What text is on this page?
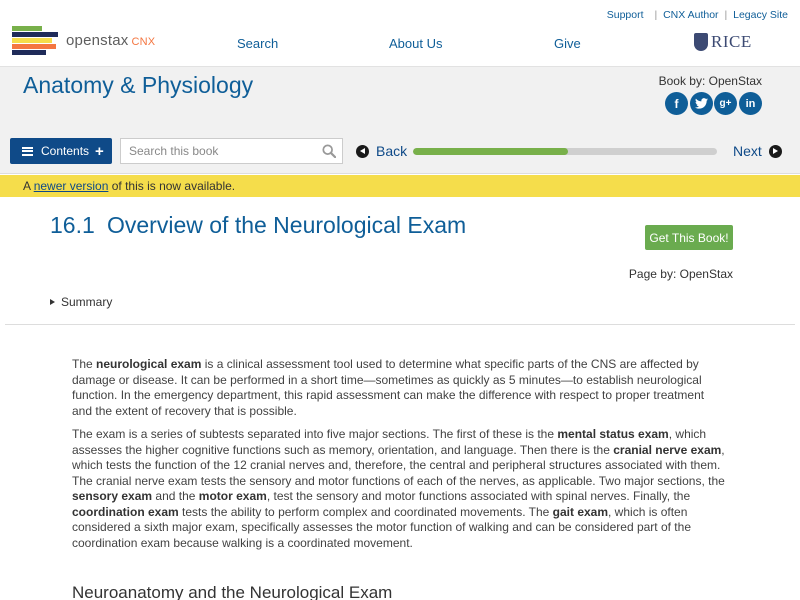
openstax CNX
Support | CNX Author | Legacy Site
Search	About Us	Give	RICE
Anatomy & Physiology	Book by: OpenStax
f	g+	in
Contents +
Search this book	Back	Next
A newer version of this is now available.
16.1 Overview of the Neurological Exam	Get This Book!
Page by: OpenStax
Summary

The neurological exam is a clinical assessment tool used to determine what specific parts of the CNS are affected by damage or disease. It can be performed in a short time—sometimes as quickly as 5 minutes—to establish neurological function. In the emergency department, this rapid assessment can make the difference with respect to proper treatment and the extent of recovery that is possible.

The exam is a series of subtests separated into five major sections. The first of these is the mental status exam, which assesses the higher cognitive functions such as memory, orientation, and language. Then there is the cranial nerve exam, which tests the function of the 12 cranial nerves and, therefore, the central and peripheral structures associated with them. The cranial nerve exam tests the sensory and motor functions of each of the nerves, as applicable. Two major sections, the sensory exam and the motor exam, test the sensory and motor functions associated with spinal nerves. Finally, the coordination exam tests the ability to perform complex and coordinated movements. The gait exam, which is often considered a sixth major exam, specifically assesses the motor function of walking and can be considered part of the coordination exam because walking is a coordinated movement.

Neuroanatomy and the Neurological Exam
